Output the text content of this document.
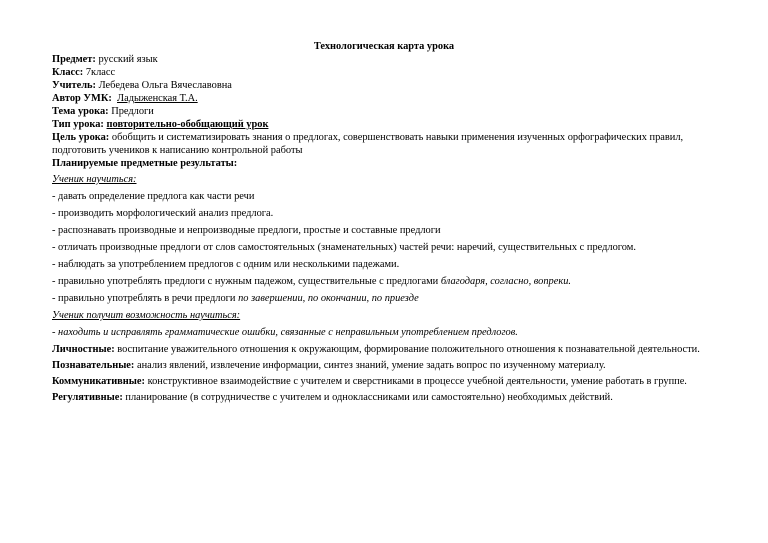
Технологическая карта урока

Предмет: русский язык

Класс: 7класс

Учитель: Лебедева Ольга Вячеславовна

Автор УМК: Ладыженская Т.А.

Тема урока: Предлоги

Тип урока: повторительно-обобщающий урок

Цель урока: обобщить и систематизировать знания о предлогах, совершенствовать навыки применения изученных орфографических правил, подготовить учеников к написанию контрольной работы

Планируемые предметные результаты:

Ученик научиться:

- давать определение предлога как части речи

- производить морфологический анализ предлога.

- распознавать производные и непроизводные предлоги, простые и составные предлоги

- отличать производные предлоги от слов самостоятельных (знаменательных) частей речи: наречий, существительных с предлогом.

- наблюдать за употреблением предлогов с одним или несколькими падежами.

- правильно употреблять предлоги с нужным падежом, существительные с предлогами благодаря, согласно, вопреки.

- правильно употреблять в речи предлоги по завершении, по окончании, по приезде

Ученик получит возможность научиться:

- находить и исправлять грамматические ошибки, связанные с неправильным употреблением предлогов.

Личностные: воспитание уважительного отношения к окружающим, формирование положительного отношения к познавательной деятельности.

Познавательные: анализ явлений, извлечение информации, синтез знаний, умение задать вопрос по изученному материалу.

Коммуникативные: конструктивное взаимодействие с учителем и сверстниками в процессе учебной деятельности, умение работать в группе.

Регулятивные: планирование (в сотрудничестве с учителем и одноклассниками или самостоятельно) необходимых действий.
